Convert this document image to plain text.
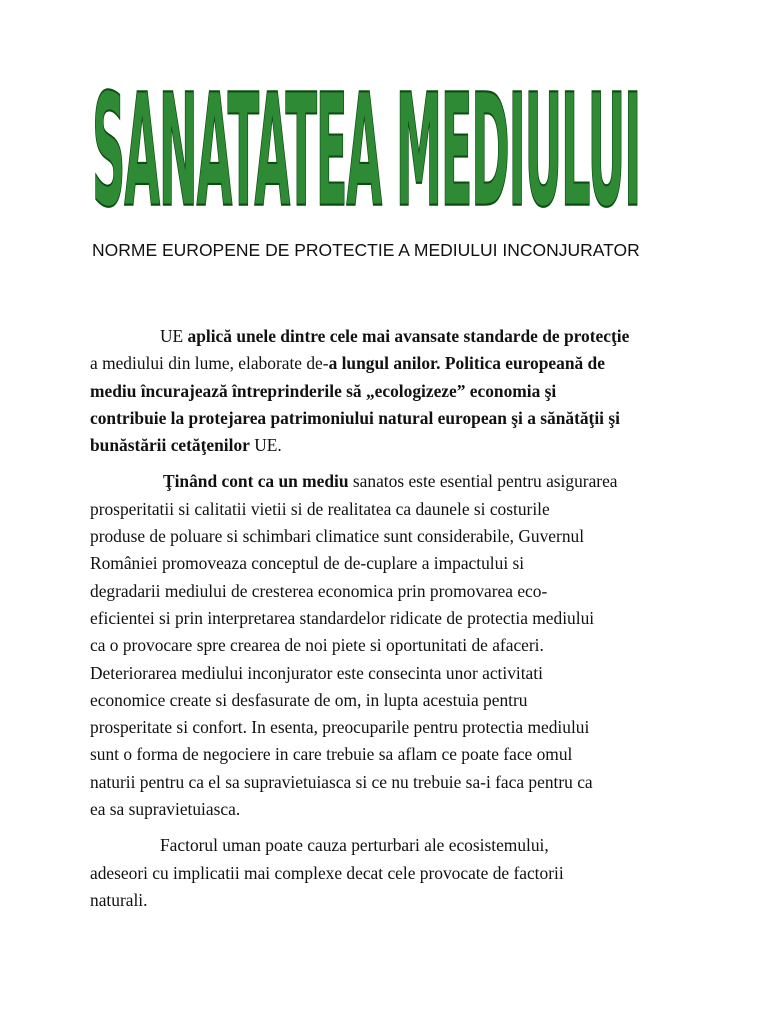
SANATATEA MEDIULUI
NORME EUROPENE DE PROTECTIE A MEDIULUI INCONJURATOR
UE aplică unele dintre cele mai avansate standarde de protecţie
a mediului din lume, elaborate de-a lungul anilor. Politica europeană de
mediu încurajează întreprinderile să „ecologizeze” economia şi
contribuie la protejarea patrimoniului natural european şi a sănătăţii şi
bunăstării cetăţenilor UE.
Ţinând cont ca un mediu sanatos este esential pentru asigurarea
prosperitatii si calitatii vietii si de realitatea ca daunele si costurile
produse de poluare si schimbari climatice sunt considerabile, Guvernul
României promoveaza conceptul de de-cuplare a impactului si
degradarii mediului de cresterea economica prin promovarea eco-
eficientei si prin interpretarea standardelor ridicate de protectia mediului
ca o provocare spre crearea de noi piete si oportunitati de afaceri.
Deteriorarea mediului inconjurator este consecinta unor activitati
economice create si desfasurate de om, in lupta acestuia pentru
prosperitate si confort. In esenta, preocuparile pentru protectia mediului
sunt o forma de negociere in care trebuie sa aflam ce poate face omul
naturii pentru ca el sa supravietuiasca si ce nu trebuie sa-i faca pentru ca
ea sa supravietuiasca.
Factorul uman poate cauza perturbari ale ecosistemului,
adeseori cu implicatii mai complexe decat cele provocate de factorii
naturali.
